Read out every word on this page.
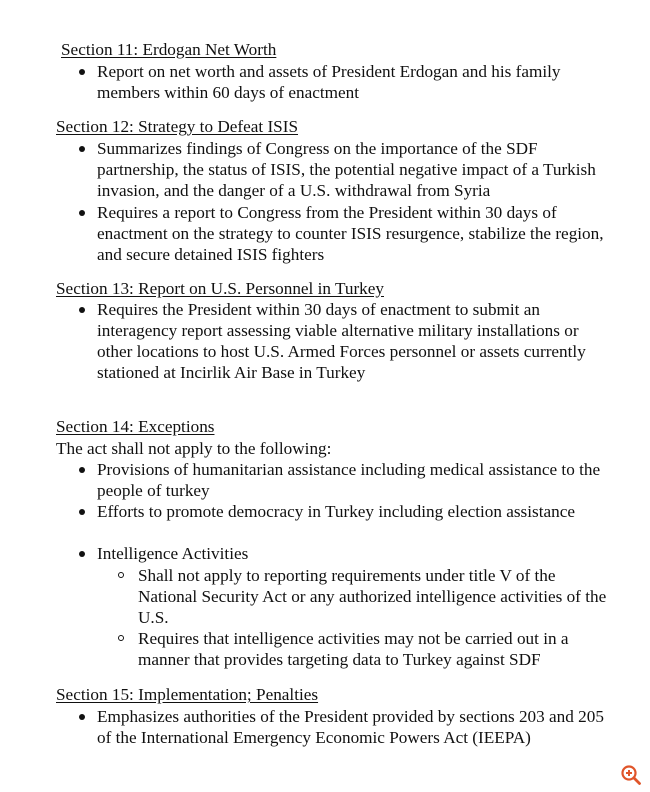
Section 11: Erdogan Net Worth
Report on net worth and assets of President Erdogan and his family members within 60 days of enactment
Section 12: Strategy to Defeat ISIS
Summarizes findings of Congress on the importance of the SDF partnership, the status of ISIS, the potential negative impact of a Turkish invasion, and the danger of a U.S. withdrawal from Syria
Requires a report to Congress from the President within 30 days of enactment on the strategy to counter ISIS resurgence, stabilize the region, and secure detained ISIS fighters
Section 13: Report on U.S. Personnel in Turkey
Requires the President within 30 days of enactment to submit an interagency report assessing viable alternative military installations or other locations to host U.S. Armed Forces personnel or assets currently stationed at Incirlik Air Base in Turkey
Section 14: Exceptions
The act shall not apply to the following:
Provisions of humanitarian assistance including medical assistance to the people of turkey
Efforts to promote democracy in Turkey including election assistance
Intelligence Activities
Shall not apply to reporting requirements under title V of the National Security Act or any authorized intelligence activities of the U.S.
Requires that intelligence activities may not be carried out in a manner that provides targeting data to Turkey against SDF
Section 15: Implementation; Penalties
Emphasizes authorities of the President provided by sections 203 and 205 of the International Emergency Economic Powers Act (IEEPA)
